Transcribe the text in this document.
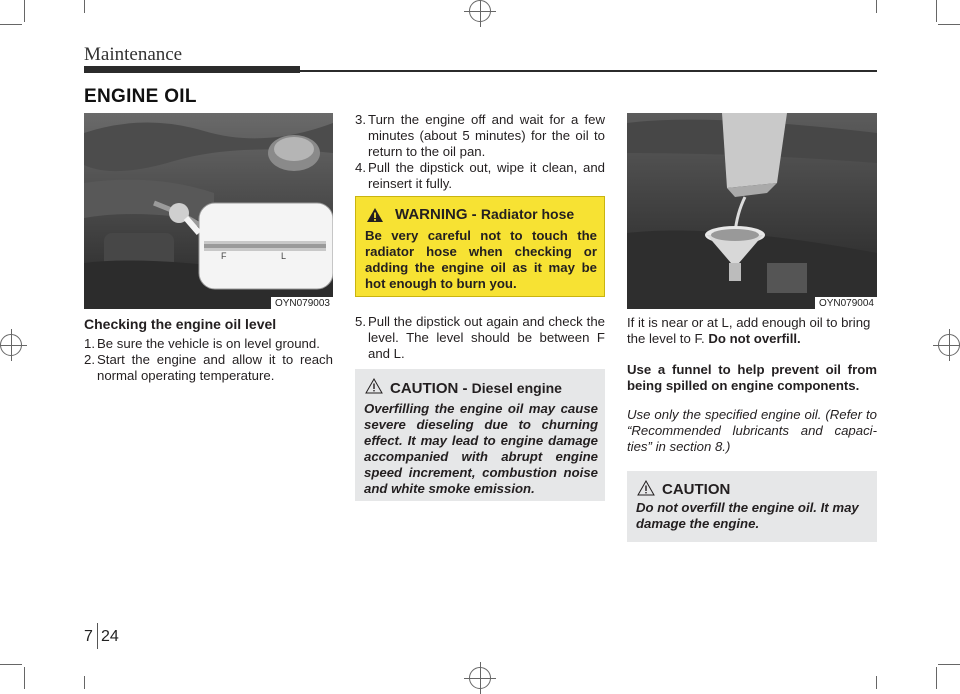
Maintenance
ENGINE OIL
F	L
OYN079003
Checking the engine oil level
1. Be sure the vehicle is on level ground.
2. Start the engine and allow it to reach normal operating temperature.
3. Turn the engine off and wait for a few minutes (about 5 minutes) for the oil to return to the oil pan.
4. Pull the dipstick out, wipe it clean, and reinsert it fully.
WARNING - Radiator hose
Be very careful not to touch the radiator hose when checking or adding the engine oil as it may be hot enough to burn you.
5. Pull the dipstick out again and check the level. The level should be between F and L.
CAUTION - Diesel engine
Overfilling the engine oil may cause severe dieseling due to churning effect. It may lead to engine damage accompanied with abrupt engine speed increment, combustion noise and white smoke emission.
OYN079004

If it is near or at L, add enough oil to bring the level to F. Do not overfill.

Use a funnel to help prevent oil from being spilled on engine components.

Use only the specified engine oil. (Refer to “Recommended lubricants and capaci-ties” in section 8.)

CAUTION
Do not overfill the engine oil. It may damage the engine.
7 24
